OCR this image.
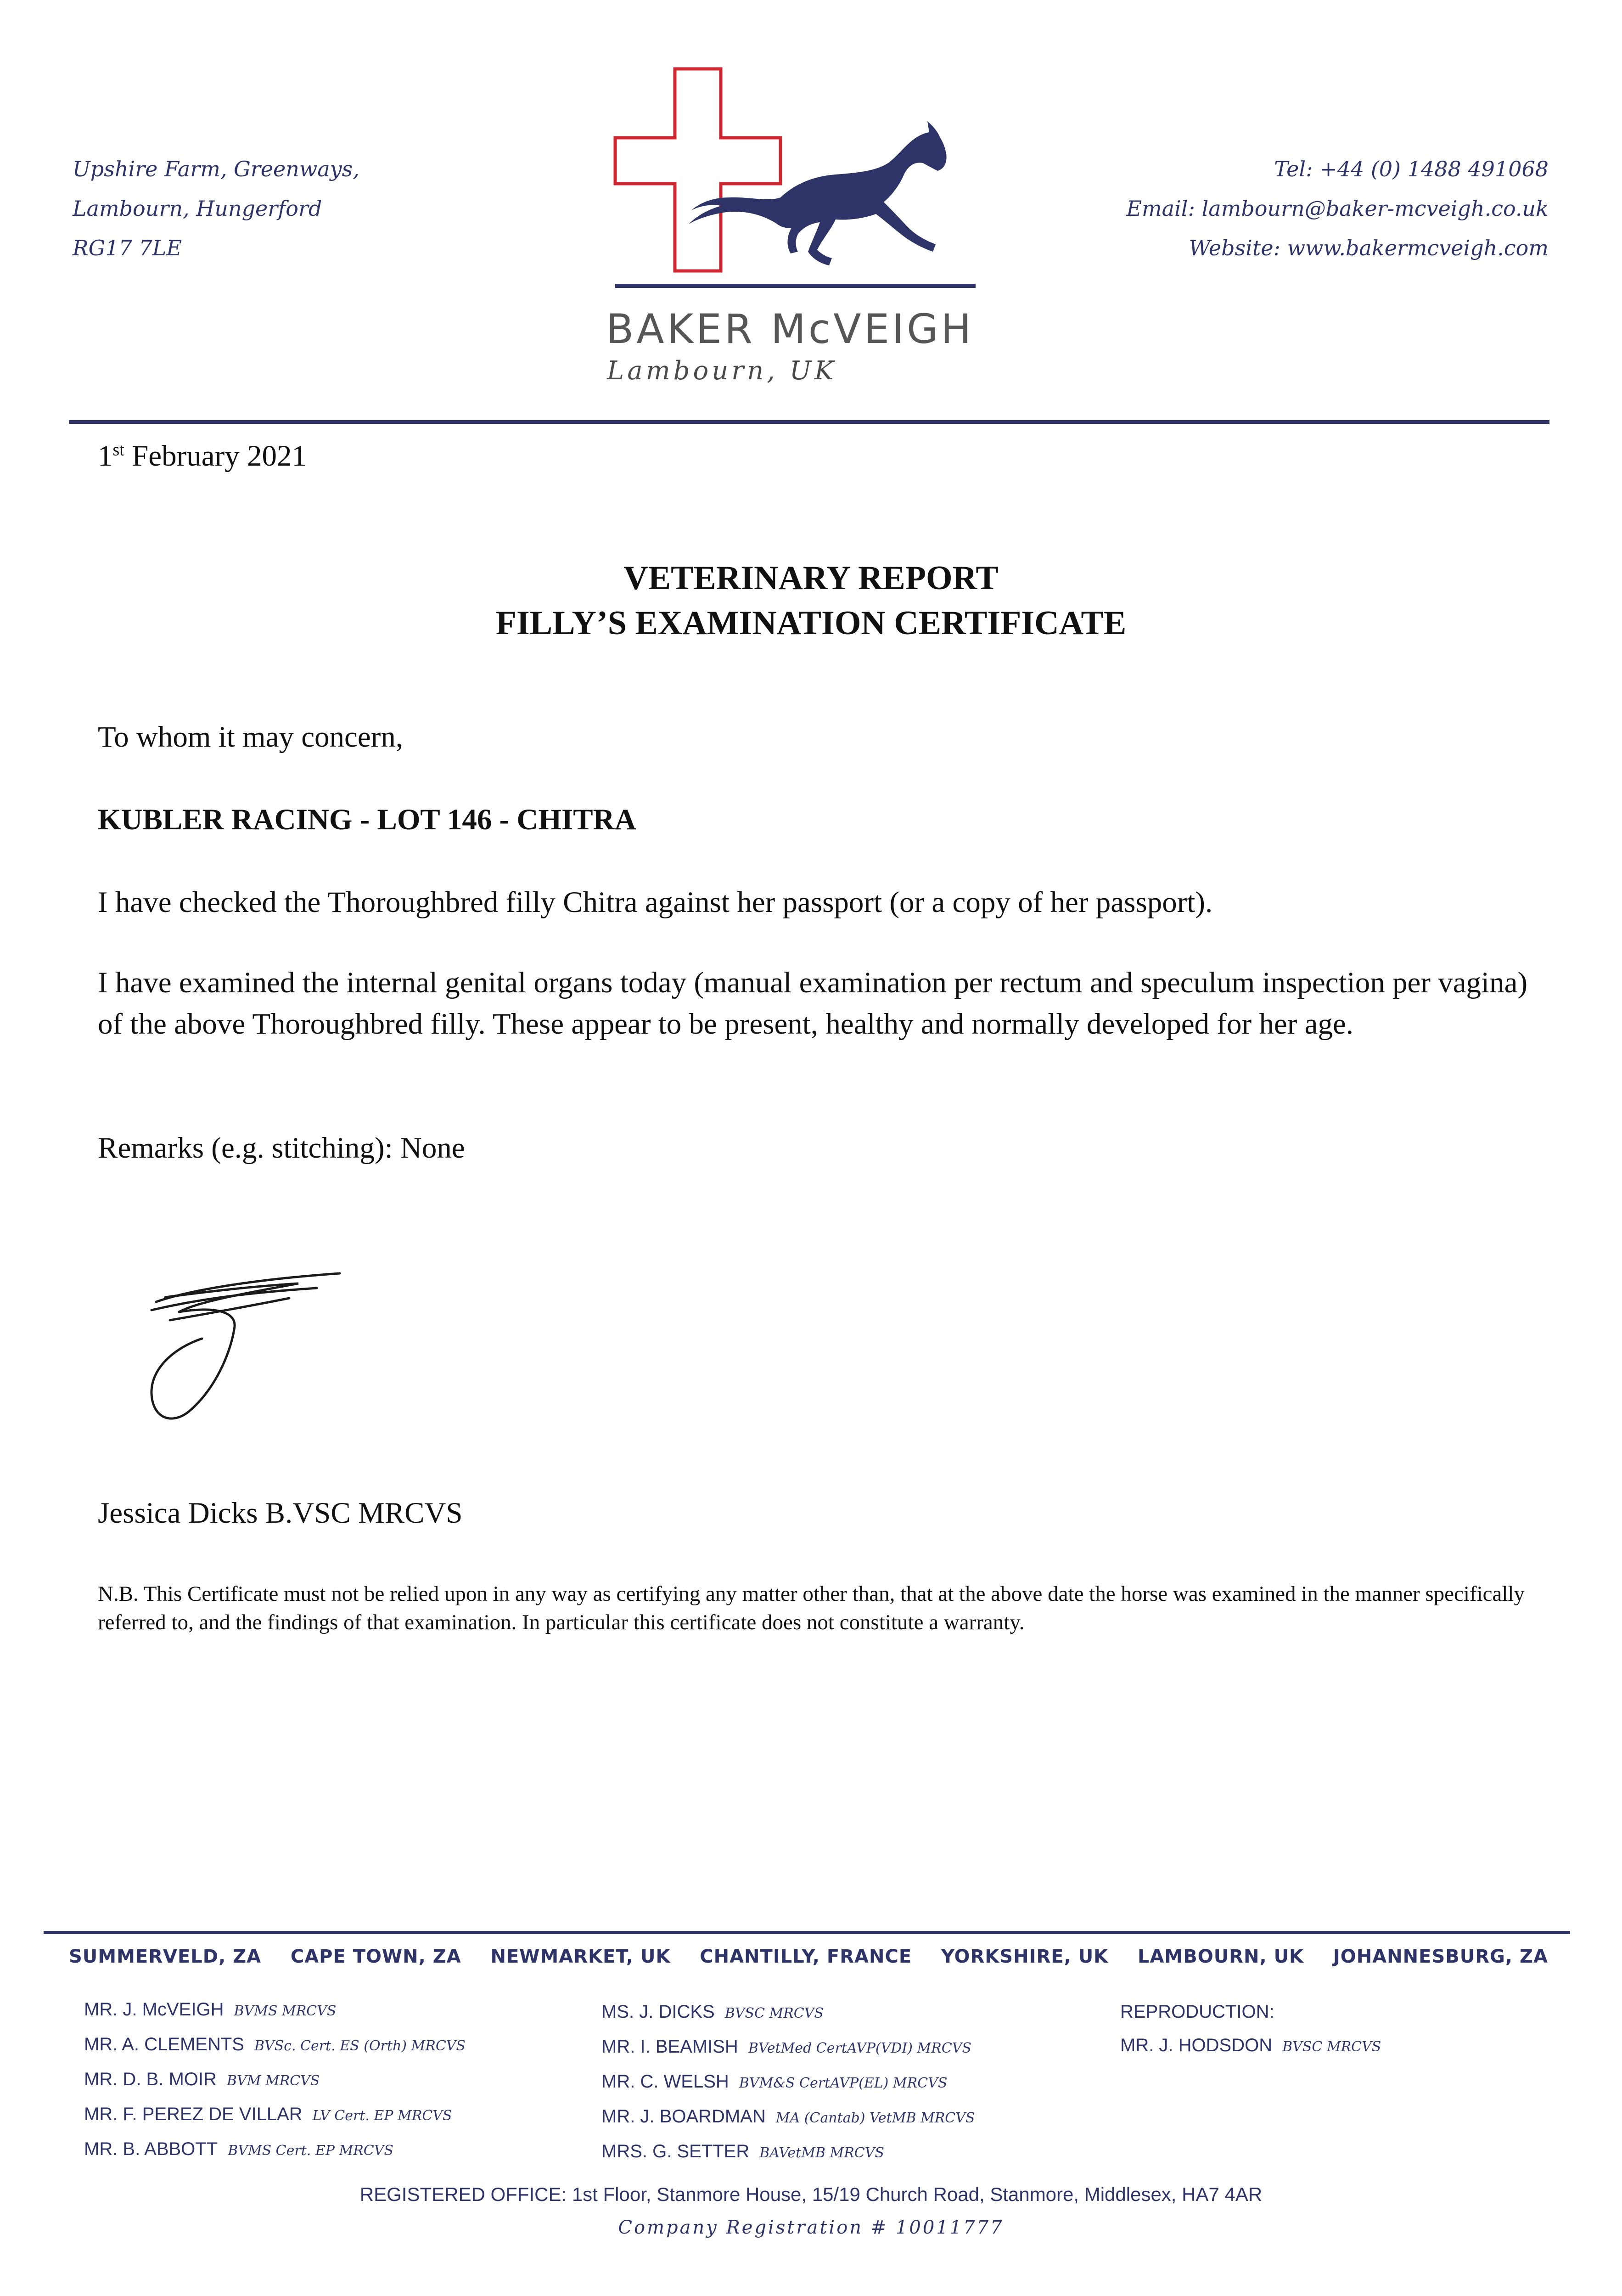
Upshire Farm, Greenways,
Lambourn, Hungerford
RG17 7LE
BAKER McVEIGH
Lambourn, UK
Tel: +44 (0) 1488 491068
Email: lambourn@baker-mcveigh.co.uk
Website: www.bakermcveigh.com
1st February 2021
VETERINARY REPORT
FILLY’S EXAMINATION CERTIFICATE
To whom it may concern,
KUBLER RACING - LOT 146 - CHITRA
I have checked the Thoroughbred filly Chitra against her passport (or a copy of her passport).
I have examined the internal genital organs today (manual examination per rectum and speculum inspection per vagina) of the above Thoroughbred filly. These appear to be present, healthy and normally developed for her age.
Remarks (e.g. stitching): None
Jessica Dicks B.VSC MRCVS
N.B. This Certificate must not be relied upon in any way as certifying any matter other than, that at the above date the horse was examined in the manner specifically referred to, and the findings of that examination. In particular this certificate does not constitute a warranty.
SUMMERVELD, ZA CAPE TOWN, ZA NEWMARKET, UK CHANTILLY, FRANCE YORKSHIRE, UK LAMBOURN, UK JOHANNESBURG, ZA
MR. J. McVEIGH BVMS MRCVS
MR. A. CLEMENTS BVSc. Cert. ES (Orth) MRCVS
MR. D. B. MOIR BVM MRCVS
MR. F. PEREZ DE VILLAR LV Cert. EP MRCVS
MR. B. ABBOTT BVMS Cert. EP MRCVS
MS. J. DICKS BVSC MRCVS
MR. I. BEAMISH BVetMed CertAVP(VDI) MRCVS
MR. C. WELSH BVM&S CertAVP(EL) MRCVS
MR. J. BOARDMAN MA (Cantab) VetMB MRCVS
MRS. G. SETTER BAVetMB MRCVS
REPRODUCTION:
MR. J. HODSDON BVSC MRCVS
REGISTERED OFFICE: 1st Floor, Stanmore House, 15/19 Church Road, Stanmore, Middlesex, HA7 4AR
Company Registration # 10011777
